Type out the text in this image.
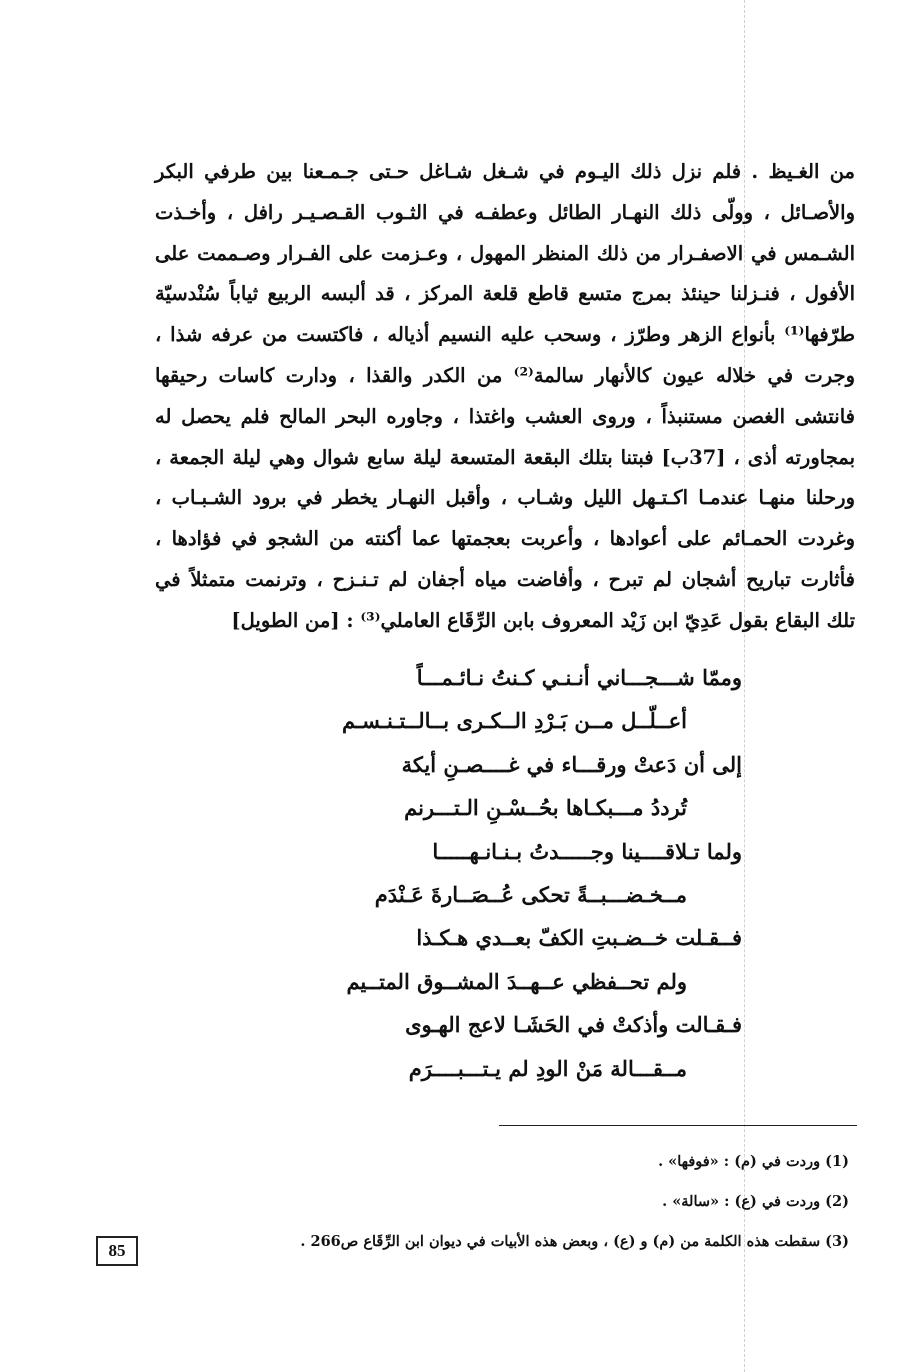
من الغـيظ . فلم نزل ذلك اليـوم في شـغل شـاغل حـتى جـمـعنا بين طرفي البكر
والأصـائل ، وولّى ذلك النهـار الطائل وعطفـه في الثـوب القـصـيـر رافل ، وأخـذت
الشـمس في الاصفـرار من ذلك المنظر المهول ، وعـزمت على الفـرار وصـممت على
الأفول ، فنـزلنا حينئذ بمرج متسع قاطع قلعة المركز ، قد ألبسه الربيع ثياباً سُنْدسيّة
طرّفها⁽¹⁾ بأنواع الزهر وطرّز ، وسحب عليه النسيم أذياله ، فاكتست من عرفه شذا ،
وجرت في خلاله عيون كالأنهار سالمة⁽²⁾ من الكدر والقذا ، ودارت كاسات رحيقها
فانتشى الغصن مستنبذاً ، وروى العشب واغتذا ، وجاوره البحر المالح فلم يحصل له
بمجاورته أذى ، [37ب] فبتنا بتلك البقعة المتسعة ليلة سابع شوال وهي ليلة الجمعة ،
ورحلنا منهـا عندمـا اكـتـهل الليل وشـاب ، وأقبل النهـار يخطر في برود الشـبـاب ،
وغردت الحمـائم على أعوادها ، وأعربت بعجمتها عما أكنته من الشجو في فؤادها ،
فأثارت تباريح أشجان لم تبرح ، وأفاضت مياه أجفان لم تـنـزح ، وترنمت متمثلاً في
تلك البقاع بقول عَدِيّ ابن زَيْد المعروف بابن الرِّقَاع العاملي⁽³⁾ : [من الطويل]
وممّا شـــجـــاني أنـنـي كـنتُ نـائـمـــاً
أعــلّــل مــن بَـرْدِ الــكـرى بــالــتـنـسـم
إلى أن دَعتْ ورقـــاء في غــــصـنِ أيكة
تُرددُ مـــبكـاها بحُــسْـنِ الـتـــرنم
ولما تـلاقــــينا وجـــــدتُ بـنـانـهـــــا
مــخـضـــبــةً تحكى عُــصَــارةَ عَـنْدَم
فــقـلت خــضـبتِ الكفّ بعــدي هـكـذا
ولم تحــفظي عــهــدَ المشــوق المتــيم
فـقـالت وأذكتْ في الحَشَـا لاعج الهـوى
مــقـــالة مَنْ الودِ لم يـتـــبــــرَم
(1) وردت في (م) : «فوفها» .
(2) وردت في (ع) : «سالة» .
(3) سقطت هذه الكلمة من (م) و (ع) ، وبعض هذه الأبيات في ديوان ابن الرِّقَاع ص266 .
85
